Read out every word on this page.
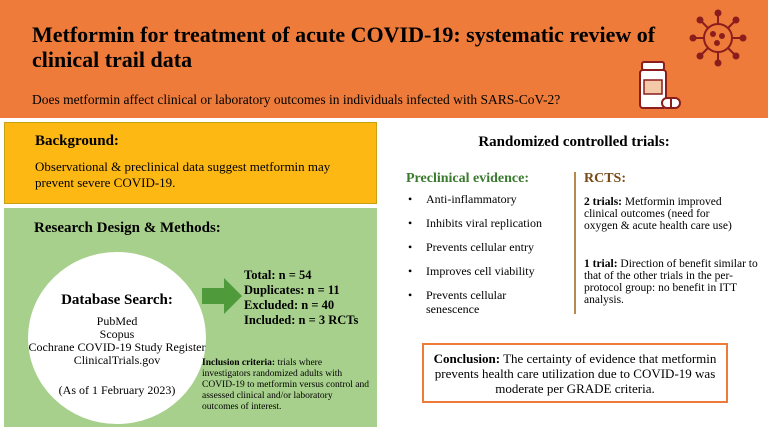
Metformin for treatment of acute COVID-19: systematic review of clinical trail data
Does metformin affect clinical or laboratory outcomes in individuals infected with SARS-CoV-2?
Background:
Observational & preclinical data suggest metformin may prevent severe COVID-19.
Research Design & Methods:
Database Search:
PubMed
Scopus
Cochrane COVID-19 Study Register
ClinicalTrials.gov
(As of 1 February 2023)
Total: n = 54
Duplicates: n = 11
Excluded: n = 40
Included: n = 3 RCTs
Inclusion criteria: trials where investigators randomized adults with COVID-19 to metformin versus control and assessed clinical and/or laboratory outcomes of interest.
Randomized controlled trials:
Preclinical evidence:
• Anti-inflammatory
• Inhibits viral replication
• Prevents cellular entry
• Improves cell viability
• Prevents cellular senescence
RCTS:
2 trials: Metformin improved clinical outcomes (need for oxygen & acute health care use)
1 trial: Direction of benefit similar to that of the other trials in the per-protocol group: no benefit in ITT analysis.
Conclusion: The certainty of evidence that metformin prevents health care utilization due to COVID-19 was moderate per GRADE criteria.
